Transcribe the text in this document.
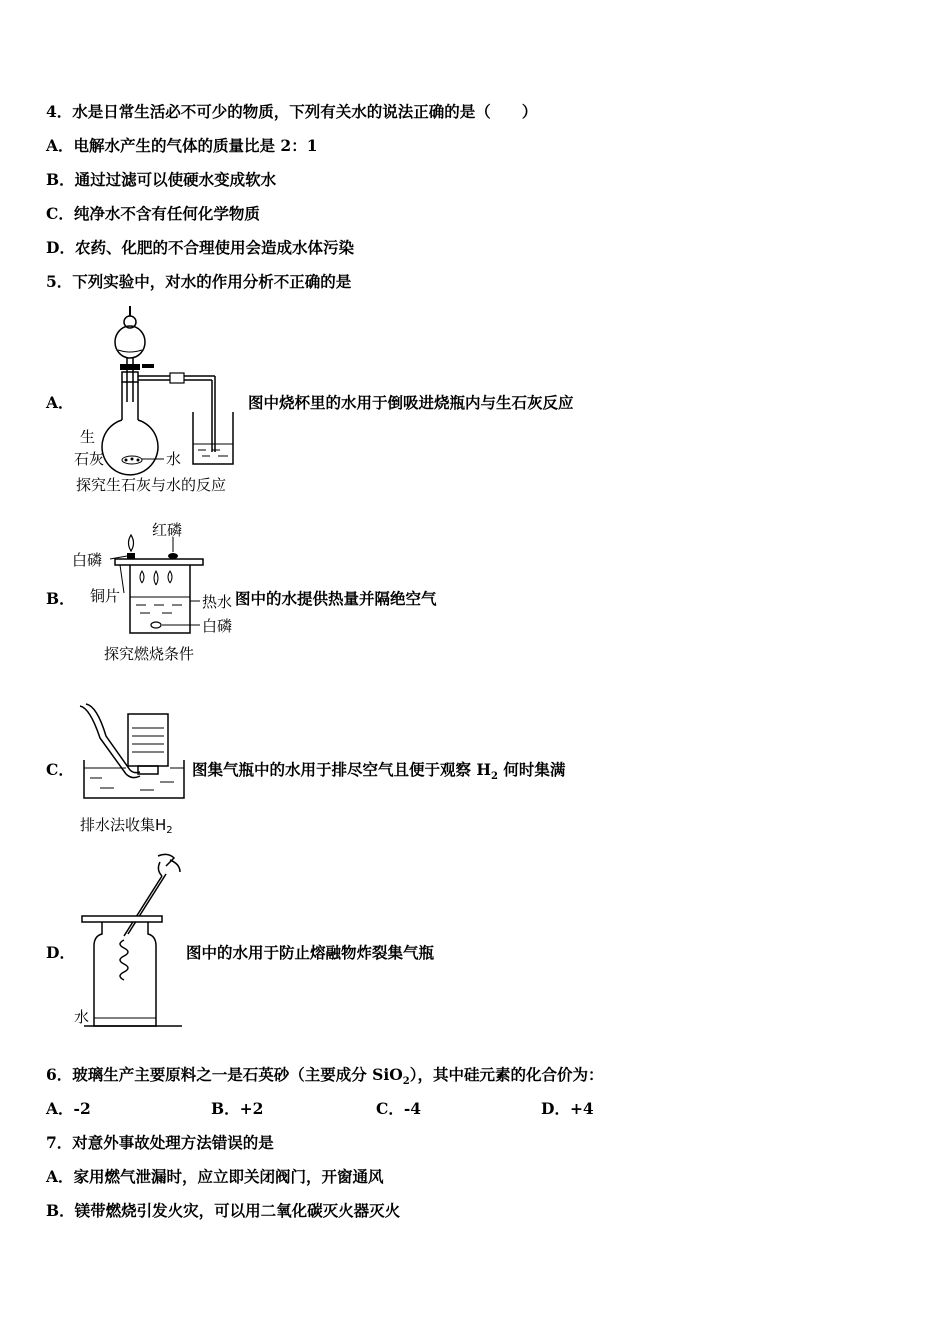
4．水是日常生活必不可少的物质，下列有关水的说法正确的是（　　）
A．电解水产生的气体的质量比是 2：1
B．通过过滤可以使硬水变成软水
C．纯净水不含有任何化学物质
D．农药、化肥的不合理使用会造成水体污染
5．下列实验中，对水的作用分析不正确的是
A．
生
石灰	水
探究生石灰与水的反应
图中烧杯里的水用于倒吸进烧瓶内与生石灰反应
B．
红磷
白磷
铜片	热水
白磷
探究燃烧条件
图中的水提供热量并隔绝空气
C．
排水法收集$H_2$
图集气瓶中的水用于排尽空气且便于观察 $H_2$ 何时集满
D．
水
图中的水用于防止熔融物炸裂集气瓶
6．玻璃生产主要原料之一是石英砂（主要成分 SiO$_2$），其中硅元素的化合价为：
A．-2	B．+2	C．-4	D．+4
7．对意外事故处理方法错误的是
A．家用燃气泄漏时，应立即关闭阀门，开窗通风
B．镁带燃烧引发火灾，可以用二氧化碳灭火器灭火
